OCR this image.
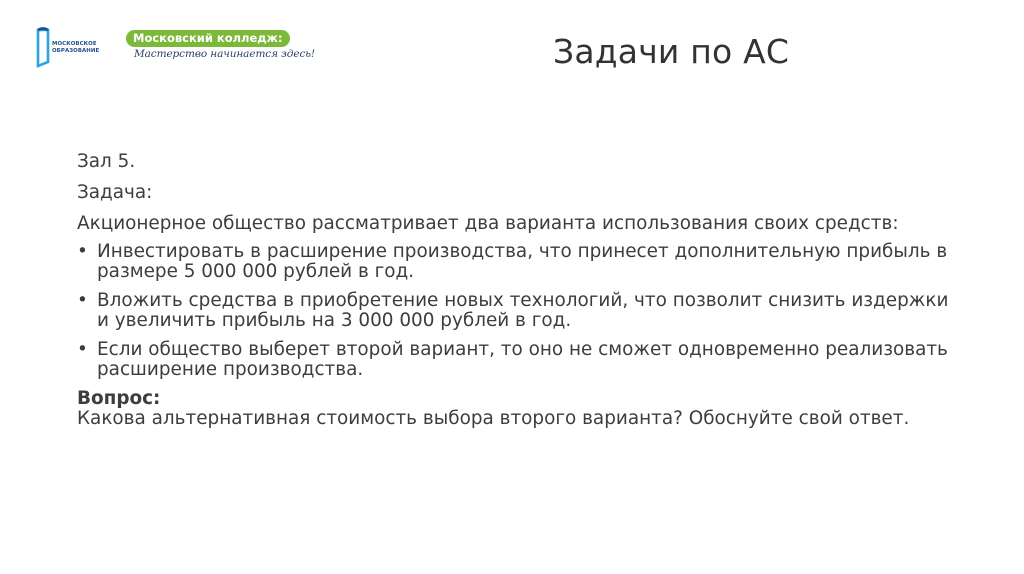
МОСКОВСКОЕ
ОБРАЗОВАНИЕ
Московский колледж:
Мастерство начинается здесь!	Задачи по АС

Зал 5.

Задача:

Акционерное общество рассматривает два варианта использования своих средств:

• Инвестировать в расширение производства, что принесет дополнительную прибыль в размере 5 000 000 рублей в год.
• Вложить средства в приобретение новых технологий, что позволит снизить издержки и увеличить прибыль на 3 000 000 рублей в год.
• Если общество выберет второй вариант, то оно не сможет одновременно реализовать расширение производства.
Вопрос:
Какова альтернативная стоимость выбора второго варианта? Обоснуйте свой ответ.
